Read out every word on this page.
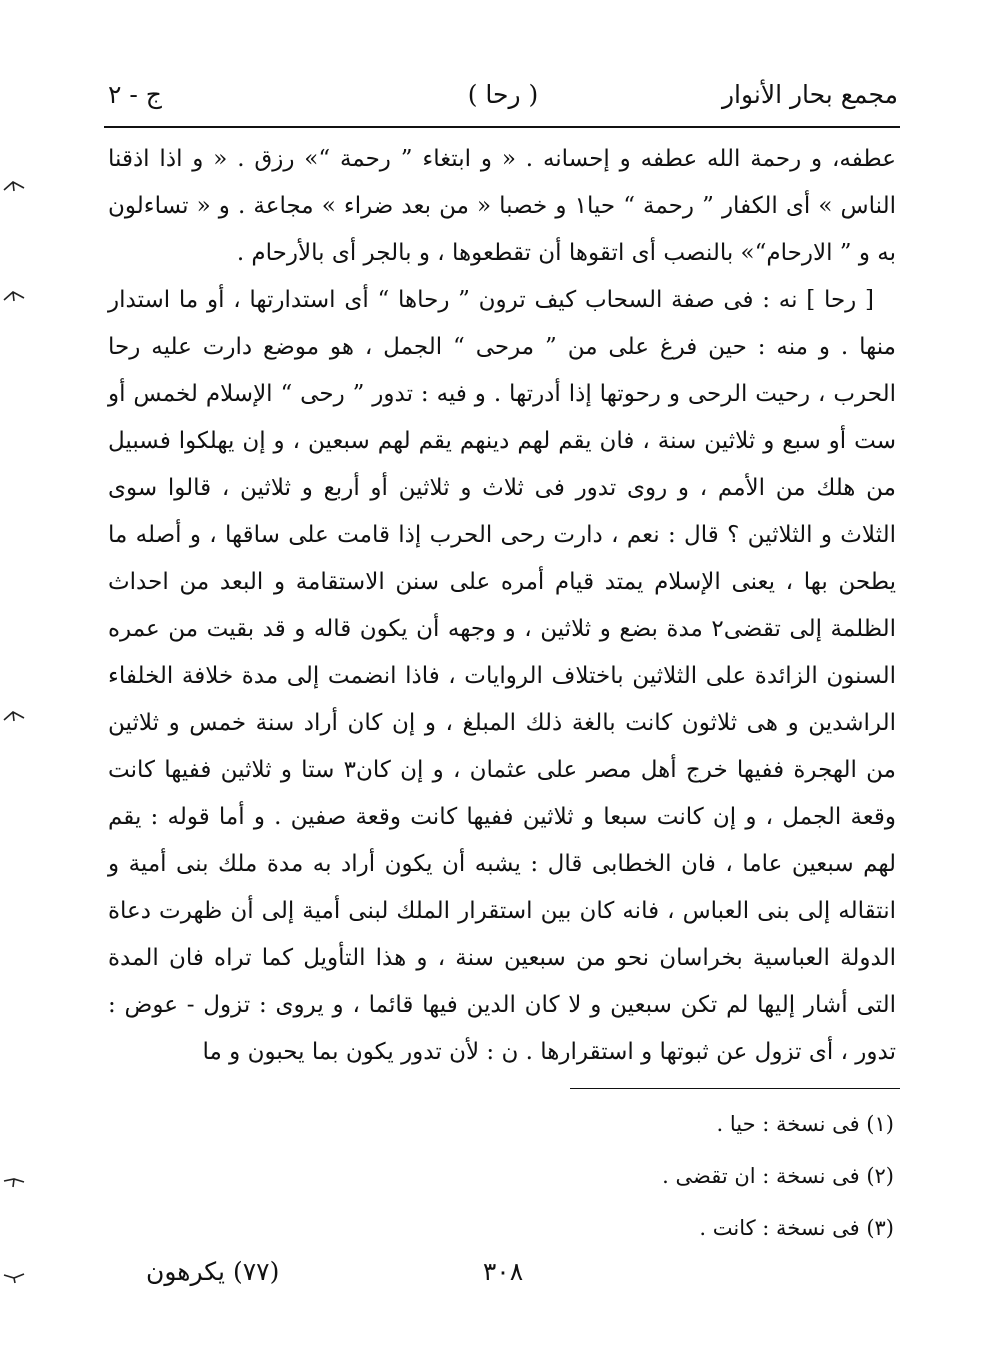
مجمع بحار الأنوار
( رحا )
ج - ٢

عطفه، و رحمة الله عطفه و إحسانه . « و ابتغاء ” رحمة “» رزق . « و اذا اذقنا الناس » أى الكفار ” رحمة “ حيا١ و خصبا « من بعد ضراء » مجاعة . و « تساءلون به و ” الارحام“» بالنصب أى اتقوها أن تقطعوها ، و بالجر أى بالأرحام .

[ رحا ] نه : فى صفة السحاب كيف ترون ” رحاها “ أى استدارتها ، أو ما استدار منها . و منه : حين فرغ على من ” مرحى “ الجمل ، هو موضع دارت عليه رحا الحرب ، رحيت الرحى و رحوتها إذا أدرتها . و فيه : تدور ” رحى “ الإسلام لخمس أو ست أو سبع و ثلاثين سنة ، فان يقم لهم دينهم يقم لهم سبعين ، و إن يهلكوا فسبيل من هلك من الأمم ، و روى تدور فى ثلاث و ثلاثين أو أربع و ثلاثين ، قالوا سوى الثلاث و الثلاثين ؟ قال : نعم ، دارت رحى الحرب إذا قامت على ساقها ، و أصله ما يطحن بها ، يعنى الإسلام يمتد قيام أمره على سنن الاستقامة و البعد من احداث الظلمة إلى تقضى٢ مدة بضع و ثلاثين ، و وجهه أن يكون قاله و قد بقيت من عمره السنون الزائدة على الثلاثين باختلاف الروايات ، فاذا انضمت إلى مدة خلافة الخلفاء الراشدين و هى ثلاثون كانت بالغة ذلك المبلغ ، و إن كان أراد سنة خمس و ثلاثين من الهجرة ففيها خرج أهل مصر على عثمان ، و إن كان٣ ستا و ثلاثين ففيها كانت وقعة الجمل ، و إن كانت سبعا و ثلاثين ففيها كانت وقعة صفين . و أما قوله : يقم لهم سبعين عاما ، فان الخطابى قال : يشبه أن يكون أراد به مدة ملك بنى أمية و انتقاله إلى بنى العباس ، فانه كان بين استقرار الملك لبنى أمية إلى أن ظهرت دعاة الدولة العباسية بخراسان نحو من سبعين سنة ، و هذا التأويل كما تراه فان المدة التى أشار إليها لم تكن سبعين و لا كان الدين فيها قائما ، و يروى : تزول - عوض : تدور ، أى تزول عن ثبوتها و استقرارها . ن : لأن تدور يكون بما يحبون و ما

(١) فى نسخة : حيا .
(٢) فى نسخة : ان تقضى .
(٣) فى نسخة : كانت .
٣٠٨
(٧٧) يكرهون
